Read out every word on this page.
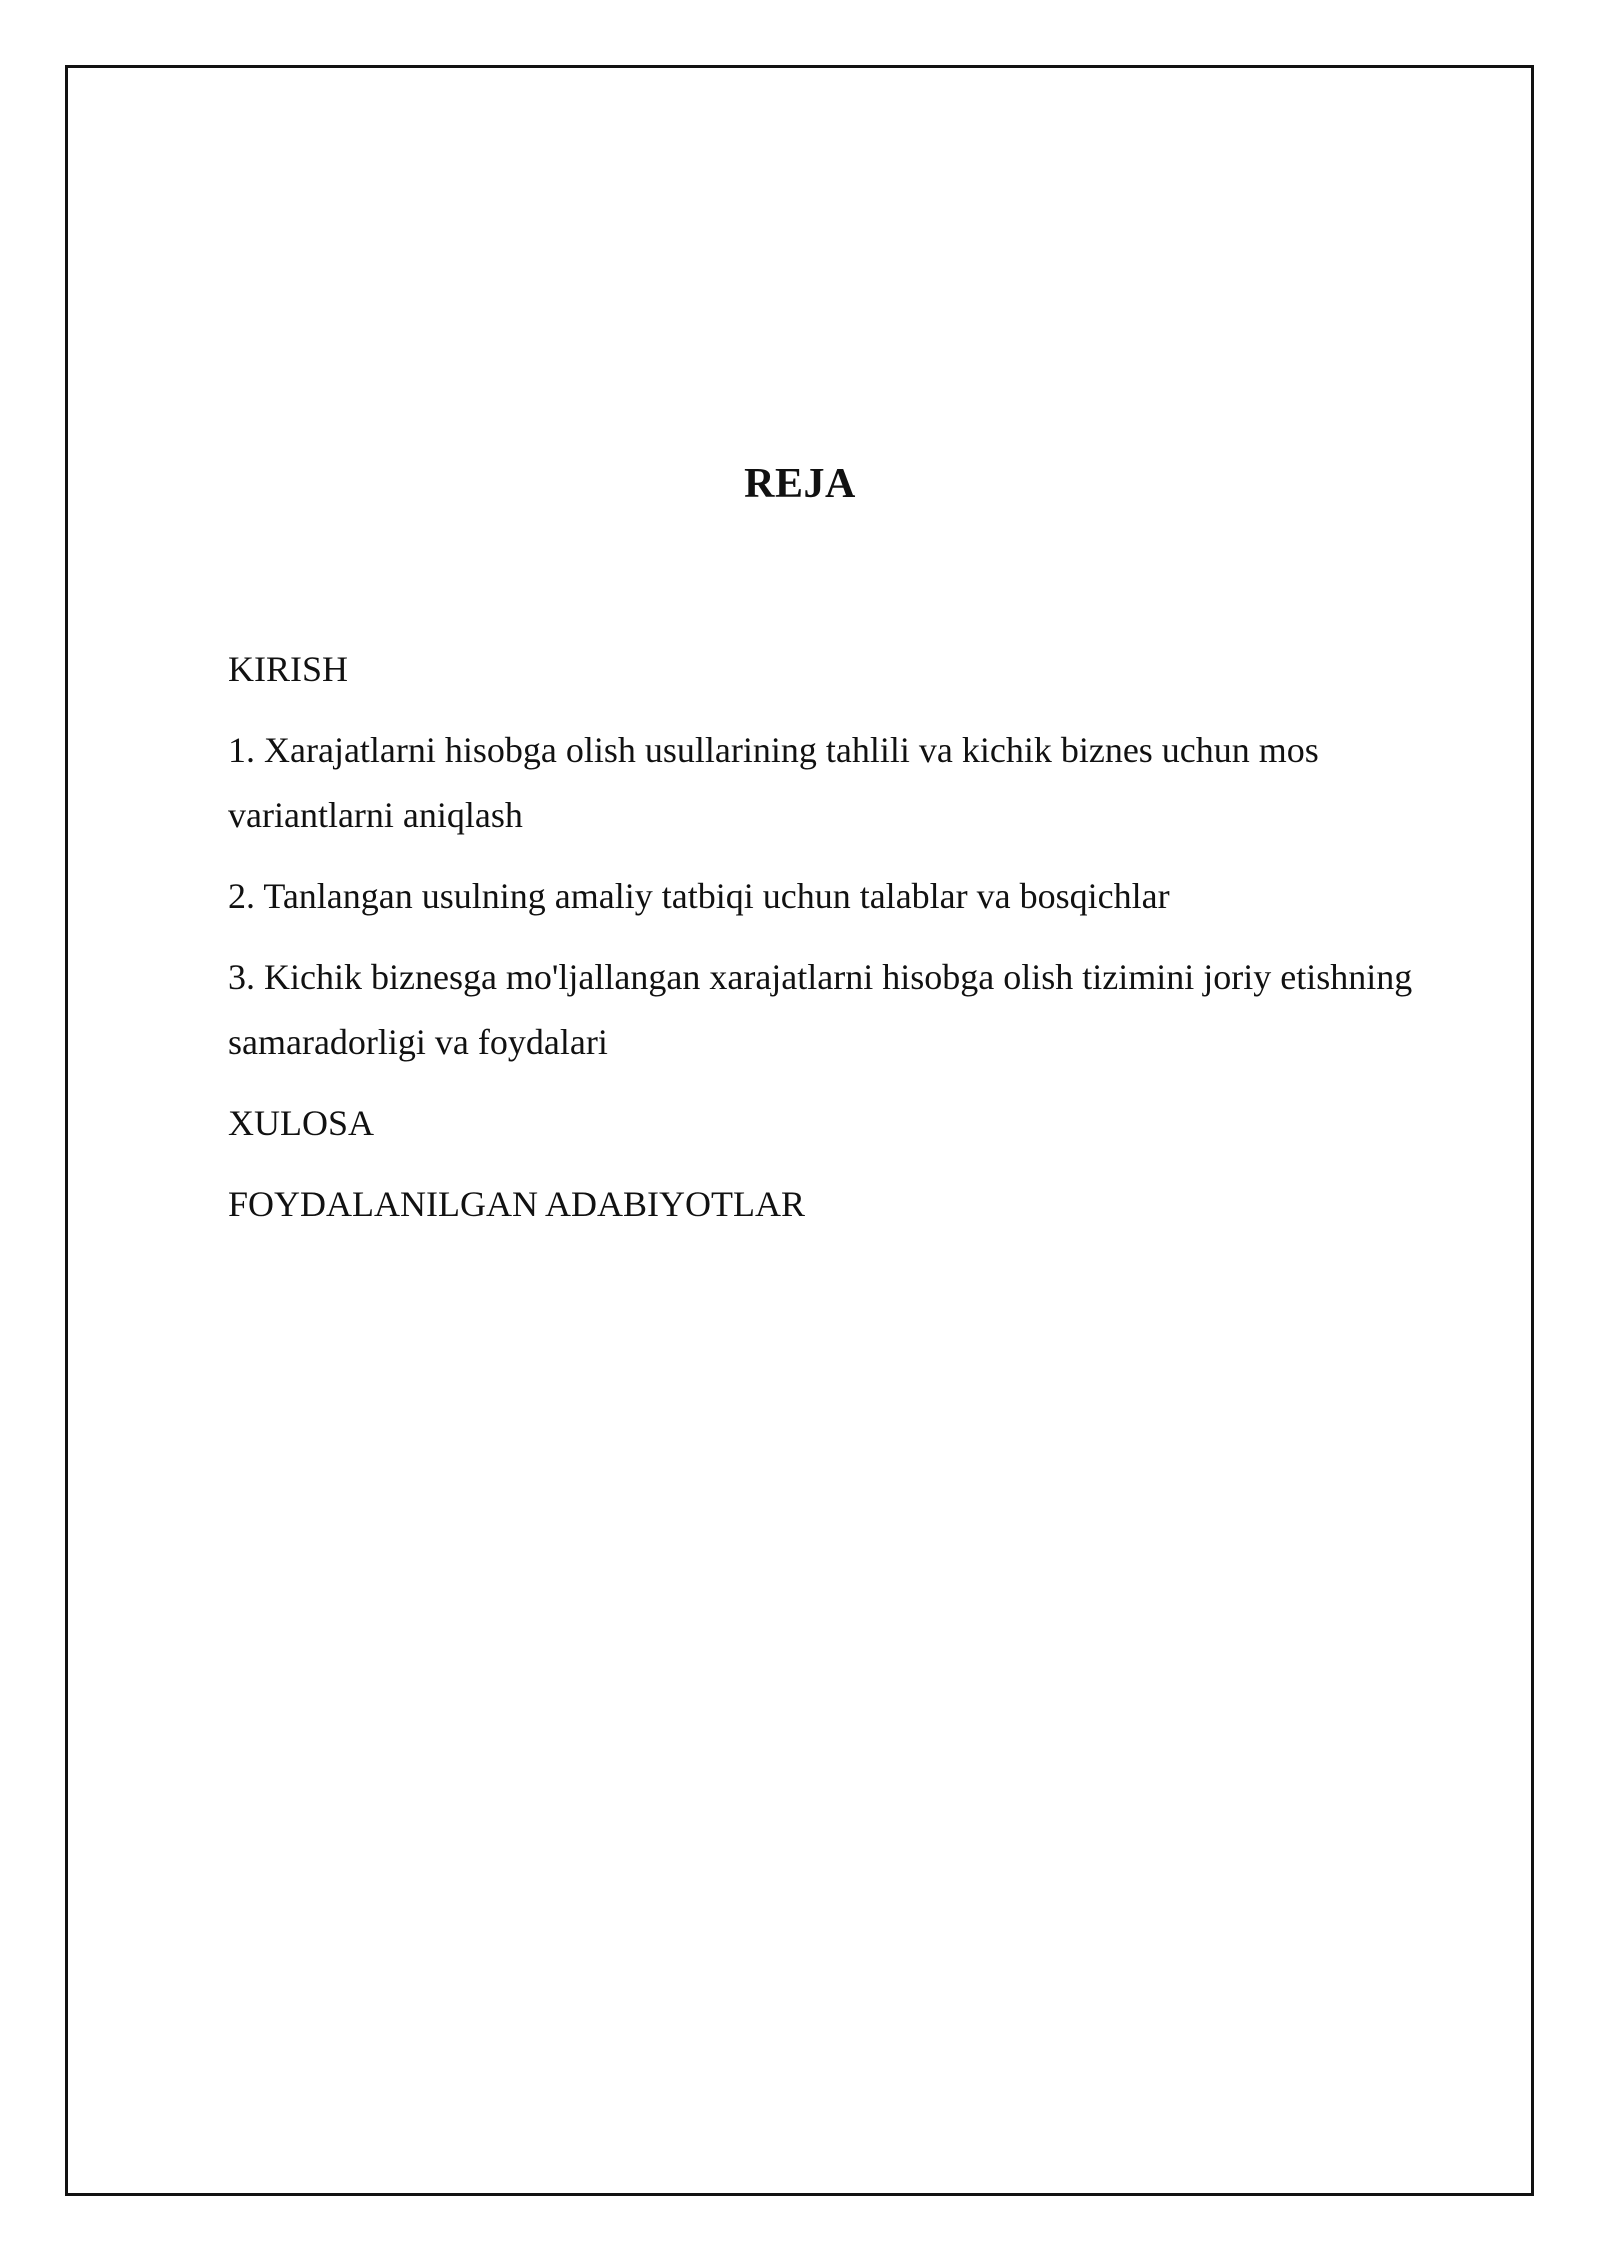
REJA
KIRISH
1. Xarajatlarni hisobga olish usullarining tahlili va kichik biznes uchun mos variantlarni aniqlash
2. Tanlangan usulning amaliy tatbiqi uchun talablar va bosqichlar
3. Kichik biznesga mo'ljallangan xarajatlarni hisobga olish tizimini joriy etishning samaradorligi va foydalari
XULOSA
FOYDALANILGAN ADABIYOTLAR
